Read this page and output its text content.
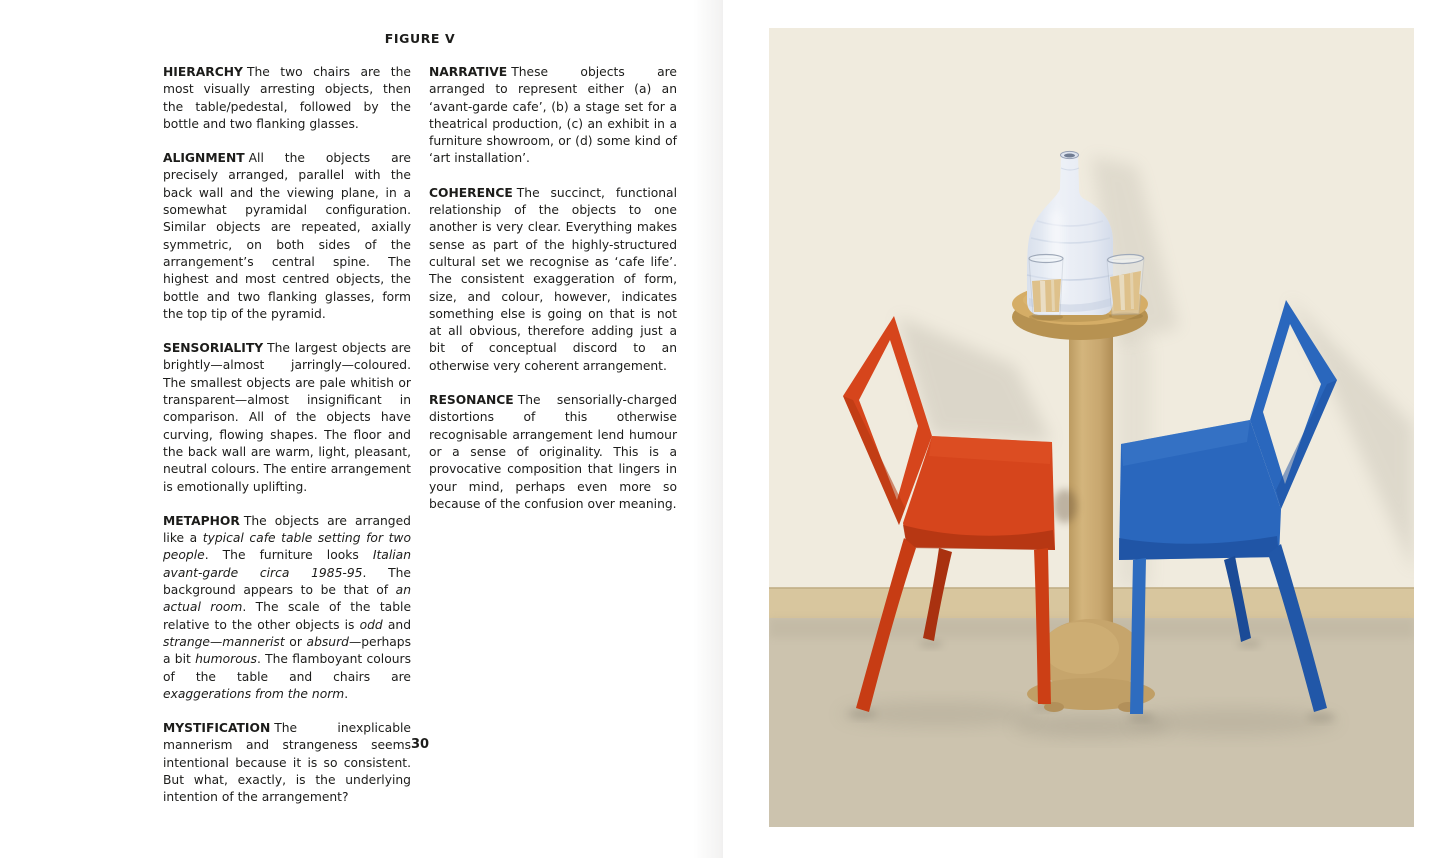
FIGURE V

HIERARCHY The two chairs are the most visually arresting objects, then the table/pedestal, followed by the bottle and two flanking glasses.

ALIGNMENT All the objects are precisely arranged, parallel with the back wall and the viewing plane, in a somewhat pyramidal configuration. Similar objects are repeated, axially symmetric, on both sides of the arrangement’s central spine. The highest and most centred objects, the bottle and two flanking glasses, form the top tip of the pyramid.

SENSORIALITY The largest objects are brightly—almost jarringly—coloured. The smallest objects are pale whitish or transparent—almost insignificant in comparison. All of the objects have curving, flowing shapes. The floor and the back wall are warm, light, pleasant, neutral colours. The entire arrangement is emotionally uplifting.

METAPHOR The objects are arranged like a typical cafe table setting for two people. The furniture looks Italian avant-garde circa 1985-95. The background appears to be that of an actual room. The scale of the table relative to the other objects is odd and strange—mannerist or absurd—perhaps a bit humorous. The flamboyant colours of the table and chairs are exaggerations from the norm.

MYSTIFICATION The inexplicable mannerism and strangeness seems intentional because it is so consistent. But what, exactly, is the underlying intention of the arrangement?

NARRATIVE These objects are arranged to represent either (a) an ‘avant-garde cafe’, (b) a stage set for a theatrical production, (c) an exhibit in a furniture showroom, or (d) some kind of ‘art installation’.

COHERENCE The succinct, functional relationship of the objects to one another is very clear. Everything makes sense as part of the highly-structured cultural set we recognise as ‘cafe life’. The consistent exaggeration of form, size, and colour, however, indicates something else is going on that is not at all obvious, therefore adding just a bit of conceptual discord to an otherwise very coherent arrangement.

RESONANCE The sensorially-charged distortions of this otherwise recognisable arrangement lend humour or a sense of originality. This is a provocative composition that lingers in your mind, perhaps even more so because of the confusion over meaning.

30
